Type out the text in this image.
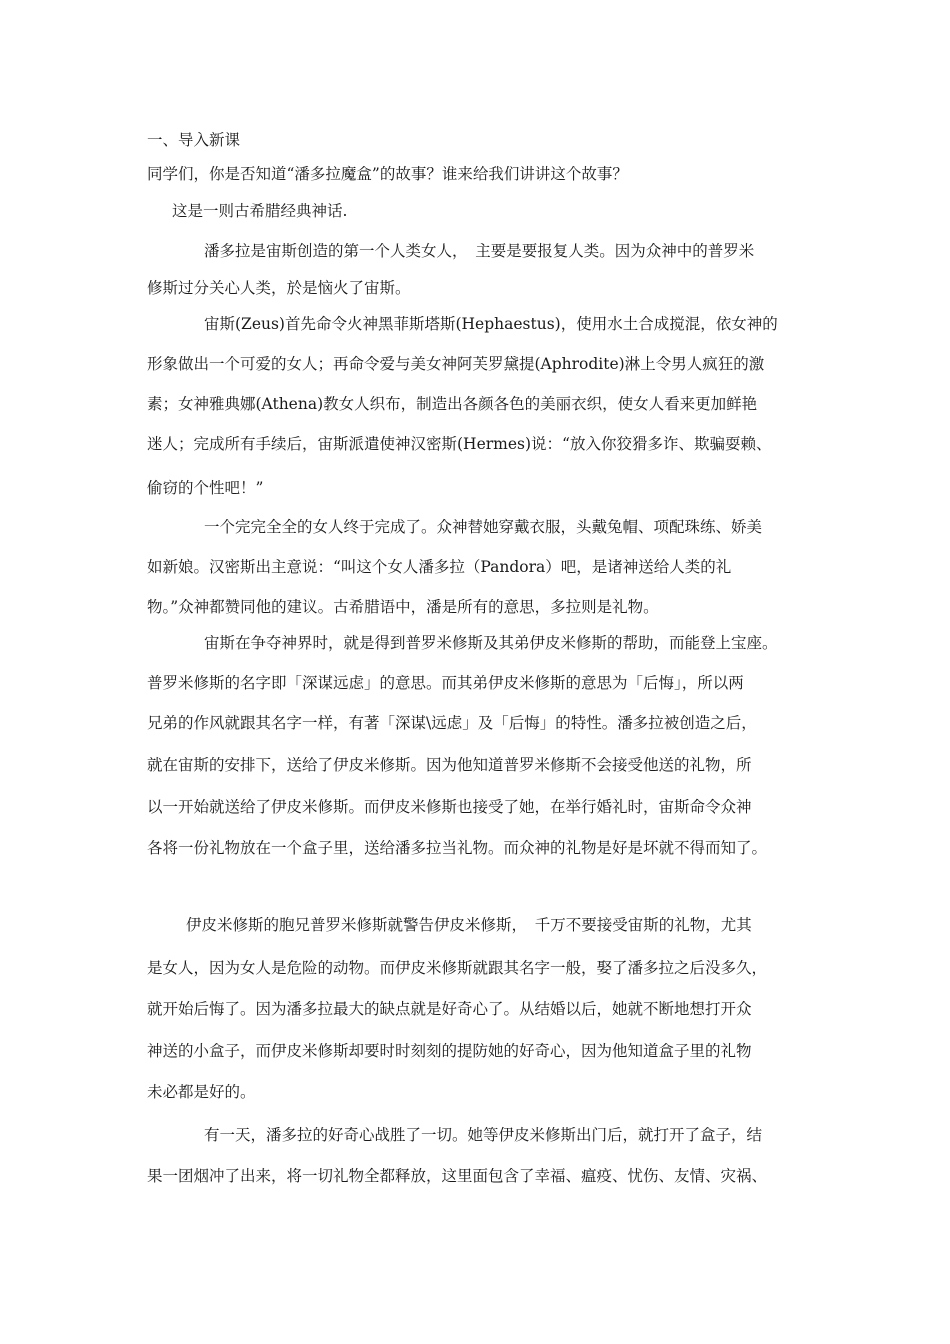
一、导入新课

同学们，你是否知道“潘多拉魔盒”的故事？谁来给我们讲讲这个故事？

这是一则古希腊经典神话.

潘多拉是宙斯创造的第一个人类女人，　主要是要报复人类。因为众神中的普罗米

修斯过分关心人类，於是恼火了宙斯。

宙斯(Zeus)首先命令火神黑菲斯塔斯(Hephaestus)，使用水土合成搅混，依女神的

形象做出一个可爱的女人；再命令爱与美女神阿芙罗黛提(Aphrodite)淋上令男人疯狂的激

素；女神雅典娜(Athena)教女人织布，制造出各颜各色的美丽衣织，使女人看来更加鲜艳

迷人；完成所有手续后，宙斯派遣使神汉密斯(Hermes)说：“放入你狡猾多诈、欺骗耍赖、

偷窃的个性吧！”

一个完完全全的女人终于完成了。众神替她穿戴衣服，头戴兔帽、项配珠练、娇美

如新娘。汉密斯出主意说：“叫这个女人潘多拉（Pandora）吧，是诸神送给人类的礼

物。”众神都赞同他的建议。古希腊语中，潘是所有的意思，多拉则是礼物。

宙斯在争夺神界时，就是得到普罗米修斯及其弟伊皮米修斯的帮助，而能登上宝座。

普罗米修斯的名字即「深谋远虑」的意思。而其弟伊皮米修斯的意思为「后悔」，所以两

兄弟的作风就跟其名字一样，有著「深谋\远虑」及「后悔」的特性。潘多拉被创造之后，

就在宙斯的安排下，送给了伊皮米修斯。因为他知道普罗米修斯不会接受他送的礼物，所

以一开始就送给了伊皮米修斯。而伊皮米修斯也接受了她，在举行婚礼时，宙斯命令众神

各将一份礼物放在一个盒子里，送给潘多拉当礼物。而众神的礼物是好是坏就不得而知了。

伊皮米修斯的胞兄普罗米修斯就警告伊皮米修斯，　千万不要接受宙斯的礼物，尤其

是女人，因为女人是危险的动物。而伊皮米修斯就跟其名字一般，娶了潘多拉之后没多久，

就开始后悔了。因为潘多拉最大的缺点就是好奇心了。从结婚以后，她就不断地想打开众

神送的小盒子，而伊皮米修斯却要时时刻刻的提防她的好奇心，因为他知道盒子里的礼物

未必都是好的。

有一天，潘多拉的好奇心战胜了一切。她等伊皮米修斯出门后，就打开了盒子，结

果一团烟冲了出来，将一切礼物全都释放，这里面包含了幸福、瘟疫、忧伤、友情、灾祸、
